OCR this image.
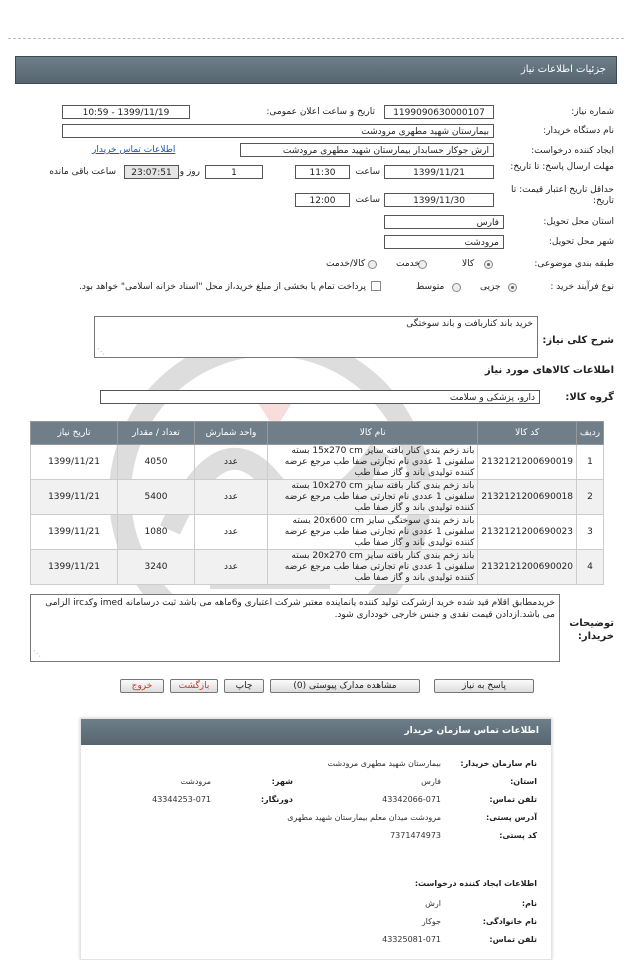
جزئیات اطلاعات نیاز
شماره نیاز:
1199090630000107
تاریخ و ساعت اعلان عمومی:
1399/11/19 - 10:59
نام دستگاه خریدار:
بیمارستان شهید مطهری مرودشت
ایجاد کننده درخواست:
ارش جوکار حسابدار بیمارستان شهید مطهری مرودشت
اطلاعات تماس خریدار
مهلت ارسال پاسخ: تا تاریخ:
1399/11/21
ساعت
11:30
1
روز و
23:07:51
ساعت باقی مانده
حداقل تاریخ اعتبار قیمت: تا تاریخ:
1399/11/30
ساعت
12:00
استان محل تحویل:
فارس
شهر محل تحویل:
مرودشت
طبقه بندی موضوعی:
کالا
خدمت
کالا/خدمت
نوع فرآیند خرید :
جزیی
متوسط
پرداخت تمام یا بخشی از مبلغ خرید،از محل "اسناد خزانه اسلامی" خواهد بود.
شرح کلی نیاز:
خرید باند کناربافت و باند سوختگی
⋰
اطلاعات کالاهای مورد نیاز
گروه کالا:
دارو، پزشکی و سلامت
ردیف	کد کالا	نام کالا	واحد شمارش	تعداد / مقدار	تاریخ نیاز
1	2132121200690019	باند زخم بندی کنار بافته سایز 15x270 cm بسته سلفونی 1 عددی نام تجارتی صفا طب مرجع عرضه کننده تولیدی باند و گاز صفا طب	عدد	4050	1399/11/21
2	2132121200690018	باند زخم بندی کنار بافته سایز 10x270 cm بسته سلفونی 1 عددی نام تجارتی صفا طب مرجع عرضه کننده تولیدی باند و گاز صفا طب	عدد	5400	1399/11/21
3	2132121200690023	باند زخم بندی سوختگی سایز 20x600 cm بسته سلفونی 1 عددی نام تجارتی صفا طب مرجع عرضه کننده تولیدی باند و گاز صفا طب	عدد	1080	1399/11/21
4	2132121200690020	باند زخم بندی کنار بافته سایز 20x270 cm بسته سلفونی 1 عددی نام تجارتی صفا طب مرجع عرضه کننده تولیدی باند و گاز صفا طب	عدد	3240	1399/11/21
توضیحات خریدار:
خریدمطابق اقلام قید شده خرید ازشرکت تولید کننده یانماینده معتبر شرکت اعتباری و6ماهه می باشد ثبت درسامانه imed وکدirc الزامی می باشد.ازدادن قیمت نقدی و جنس خارجی خودداری شود.
⋰
پاسخ به نیاز
مشاهده مدارک پیوستی (0)
چاپ
بازگشت
خروج
اطلاعات تماس سازمان خریدار
نام سازمان خریدار:
بیمارستان شهید مطهری مرودشت
استان:
فارس
شهر:
مرودشت
تلفن تماس:
43342066-071
دورنگار:
43344253-071
آدرس پستی:
مرودشت میدان معلم بیمارستان شهید مطهری
کد پستی:
7371474973
اطلاعات ایجاد کننده درخواست:
نام:
ارش
نام خانوادگی:
جوکار
تلفن تماس:
43325081-071
